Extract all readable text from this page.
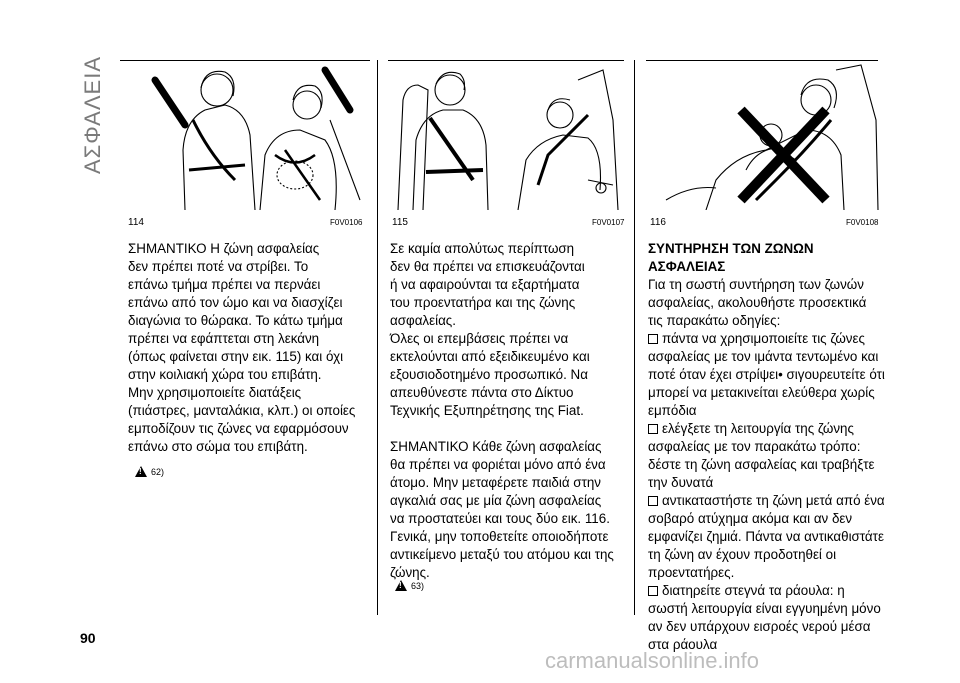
ΑΣΦΑΛΕΙΑ
114	F0V0106	115	F0V0107	116	F0V0108

ΣΗΜΑΝΤΙΚΟ Η ζώνη ασφαλείας
δεν πρέπει ποτέ να στρίβει. Το
επάνω τμήμα πρέπει να περνάει
επάνω από τον ώμο και να διασχίζει
διαγώνια το θώρακα. Το κάτω τμήμα
πρέπει να εφάπτεται στη λεκάνη
(όπως φαίνεται στην εικ. 115) και όχι
στην κοιλιακή χώρα του επιβάτη.
Μην χρησιμοποιείτε διατάξεις
(πιάστρες, μανταλάκια, κλπ.) οι οποίες
εμποδίζουν τις ζώνες να εφαρμόσουν
επάνω στο σώμα του επιβάτη.

!
62)

Σε καμία απολύτως περίπτωση
δεν θα πρέπει να επισκευάζονται
ή να αφαιρούνται τα εξαρτήματα
του προεντατήρα και της ζώνης
ασφαλείας.
Όλες οι επεμβάσεις πρέπει να
εκτελούνται από εξειδικευμένο και
εξουσιοδοτημένο προσωπικό. Να
απευθύνεστε πάντα στο Δίκτυο
Τεχνικής Εξυπηρέτησης της Fiat.

ΣΗΜΑΝΤΙΚΟ Κάθε ζώνη ασφαλείας
θα πρέπει να φοριέται μόνο από ένα
άτομο. Μην μεταφέρετε παιδιά στην
αγκαλιά σας με μία ζώνη ασφαλείας
να προστατεύει και τους δύο εικ. 116.
Γενικά, μην τοποθετείτε οποιοδήποτε
αντικείμενο μεταξύ του ατόμου και της
ζώνης.

!
63)
ΣΥΝΤΗΡΗΣΗ ΤΩΝ ΖΩΝΩΝ
ΑΣΦΑΛΕΙΑΣ

Για τη σωστή συντήρηση των ζωνών
ασφαλείας, ακολουθήστε προσεκτικά
τις παρακάτω οδηγίες:

πάντα να χρησιμοποιείτε τις ζώνες ασφαλείας με τον ιμάντα τεντωμένο και ποτέ όταν έχει στρίψει• σιγουρευτείτε ότι μπορεί να μετακινείται ελεύθερα χωρίς εμπόδια

ελέγξετε τη λειτουργία της ζώνης ασφαλείας με τον παρακάτω τρόπο: δέστε τη ζώνη ασφαλείας και τραβήξτε την δυνατά

αντικαταστήστε τη ζώνη μετά από ένα σοβαρό ατύχημα ακόμα και αν δεν εμφανίζει ζημιά. Πάντα να αντικαθιστάτε τη ζώνη αν έχουν προδοτηθεί οι προεντατήρες.

διατηρείτε στεγνά τα ράουλα: η σωστή λειτουργία είναι εγγυημένη μόνο αν δεν υπάρχουν εισροές νερού μέσα στα ράουλα

90
carmanualsonline.info
